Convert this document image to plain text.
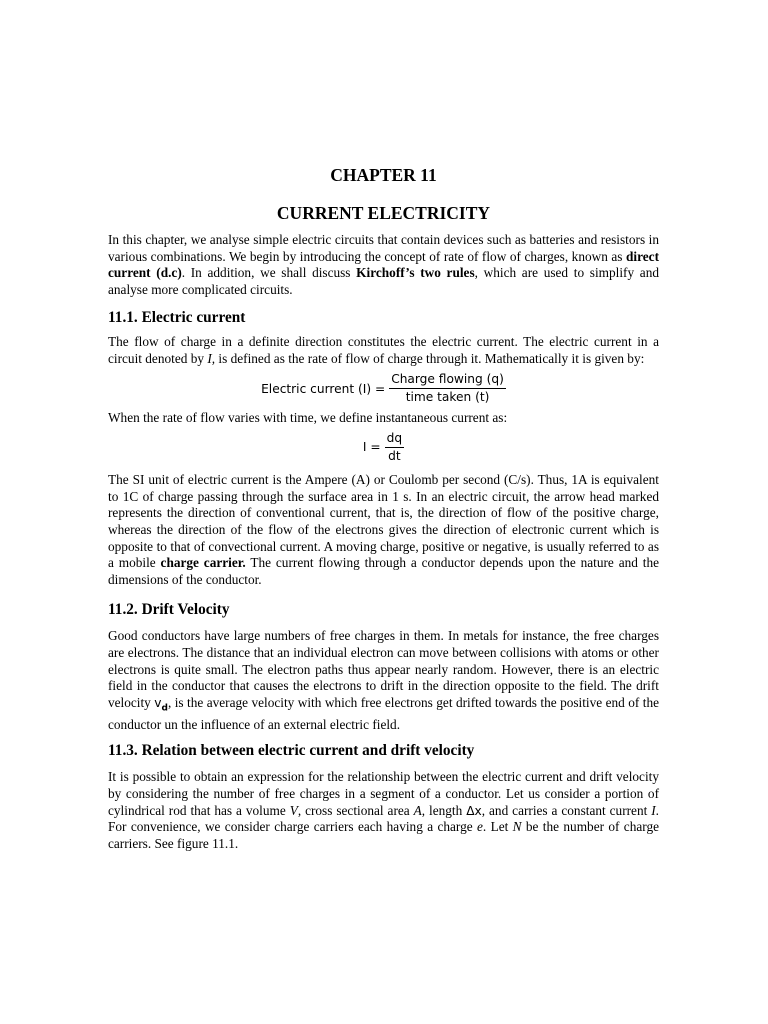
CHAPTER 11
CURRENT ELECTRICITY

In this chapter, we analyse simple electric circuits that contain devices such as batteries and resistors in various combinations. We begin by introducing the concept of rate of flow of charges, known as direct current (d.c). In addition, we shall discuss Kirchoff’s two rules, which are used to simplify and analyse more complicated circuits.

11.1. Electric current

The flow of charge in a definite direction constitutes the electric current. The electric current in a circuit denoted by I, is defined as the rate of flow of charge through it. Mathematically it is given by:

Electric current $(I) = \frac{\text{Charge flowing (q)}}{\text{time taken (t)}}$

When the rate of flow varies with time, we define instantaneous current as:

$I = \frac{dq}{dt}$

The SI unit of electric current is the Ampere (A) or Coulomb per second (C/s). Thus, 1A is equivalent to 1C of charge passing through the surface area in 1 s. In an electric circuit, the arrow head marked represents the direction of conventional current, that is, the direction of flow of the positive charge, whereas the direction of the flow of the electrons gives the direction of electronic current which is opposite to that of convectional current. A moving charge, positive or negative, is usually referred to as a mobile charge carrier. The current flowing through a conductor depends upon the nature and the dimensions of the conductor.

11.2. Drift Velocity

Good conductors have large numbers of free charges in them. In metals for instance, the free charges are electrons. The distance that an individual electron can move between collisions with atoms or other electrons is quite small. The electron paths thus appear nearly random. However, there is an electric field in the conductor that causes the electrons to drift in the direction opposite to the field. The drift velocity $v_d$, is the average velocity with which free electrons get drifted towards the positive end of the conductor un the influence of an external electric field.

11.3. Relation between electric current and drift velocity

It is possible to obtain an expression for the relationship between the electric current and drift velocity by considering the number of free charges in a segment of a conductor. Let us consider a portion of cylindrical rod that has a volume V, cross sectional area A, length Δx, and carries a constant current I. For convenience, we consider charge carriers each having a charge e. Let N be the number of charge carriers. See figure 11.1.
